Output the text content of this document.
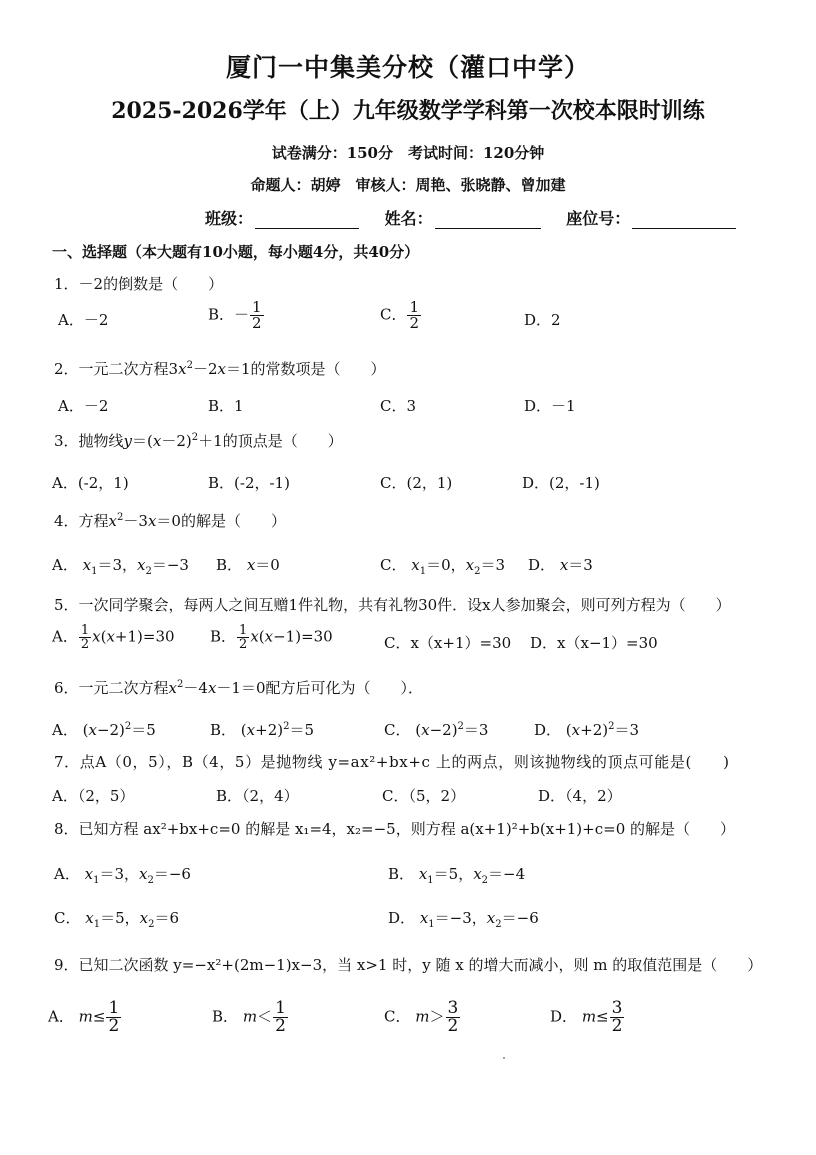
厦门一中集美分校（灌口中学）
2025-2026学年（上）九年级数学学科第一次校本限时训练
试卷满分：150分　考试时间：120分钟
命题人：胡婷　审核人：周艳、张晓静、曾加建
班级：	姓名：	座位号：
一、选择题（本大题有10小题，每小题4分，共40分）
1．－2的倒数是（　　）
A．－2	B．－ $\frac{1}{2}$	C． $\frac{1}{2}$	D．2
2．一元二次方程$3x^2-2x=1$的常数项是（　　）
A．－2	B．1	C．3	D．－1
3．抛物线$y=(x-2)^2+1$的顶点是（　　）
A．(-2，1)	B．(-2，-1)	C．(2，1)	D．(2，-1)
4．方程$x^2-3x=0$的解是（　　）
A． $x_1=3$，$x_2=-3$ B． x＝0	C． $x_1=0$，$x_2=3$ D． x＝3
5．一次同学聚会，每两人之间互赠1件礼物，共有礼物30件．设x人参加聚会，则可列方程为（　　）
A． $\frac{1}{2} x(x+1)=30$ B． $\frac{1}{2} x(x-1)=30$	C．x（x+1）=30 D．x（x−1）=30
6．一元二次方程$x^2-4x-1=0$配方后可化为（　　）．
A． $(x-2)^2=5$	B． $(x+2)^2=5$	C． $(x-2)^2=3$	D． $(x+2)^2=3$
7．点A（0，5），B（4，5）是抛物线 y=ax²+bx+c 上的两点，则该抛物线的顶点可能是(　　)
A．（2，5）	B．（2，4）	C．（5，2）	D．（4，2）
8．已知方程 ax²+bx+c=0 的解是 x₁=4，x₂=−5，则方程 a(x+1)²+b(x+1)+c=0 的解是（　　）
A． $x_1=3$，$x_2=-6$	B． $x_1=5$，$x_2=-4$
C． $x_1=5$，$x_2=6$	D． $x_1=-3$，$x_2=-6$
9．已知二次函数 y=−x²+(2m−1)x−3，当 x>1 时，y 随 x 的增大而减小，则 m 的取值范围是（　　）
A． $m\le \frac{1}{2}$	B． $m< \frac{1}{2}$	C． $m> \frac{3}{2}$	D． $m\le \frac{3}{2}$
